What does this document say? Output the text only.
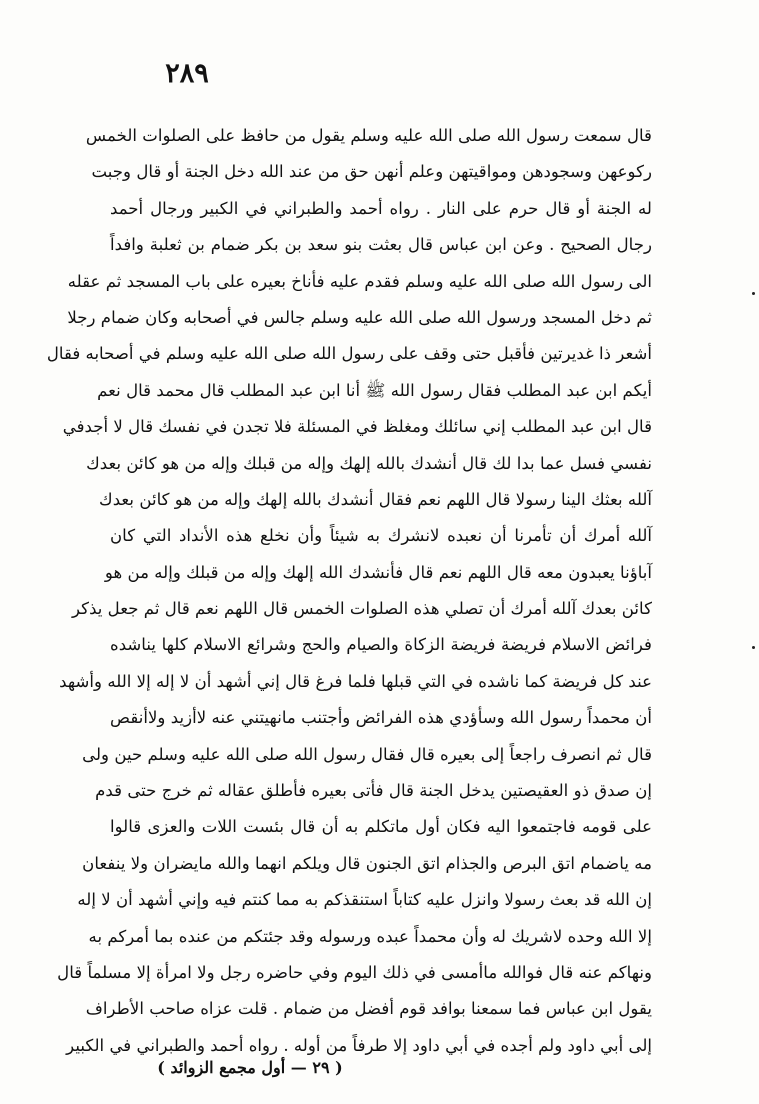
٢٨٩
قال سمعت رسول الله صلى الله عليه وسلم يقول من حافظ على الصلوات الخمس
ركوعهن وسجودهن ومواقيتهن وعلم أنهن حق من عند الله دخل الجنة أو قال وجبت
له الجنة أو قال حرم على النار . رواه أحمد والطبراني في الكبير ورجال أحمد
رجال الصحيح . وعن ابن عباس قال بعثت بنو سعد بن بكر ضمام بن ثعلبة وافداً
الى رسول الله صلى الله عليه وسلم فقدم عليه فأناخ بعيره على باب المسجد ثم عقله
ثم دخل المسجد ورسول الله صلى الله عليه وسلم جالس في أصحابه وكان ضمام رجلا
أشعر ذا غديرتين فأقبل حتى وقف على رسول الله صلى الله عليه وسلم في أصحابه فقال
أيكم ابن عبد المطلب فقال رسول الله ﷺ أنا ابن عبد المطلب قال محمد قال نعم
قال ابن عبد المطلب إني سائلك ومغلظ في المسئلة فلا تجدن في نفسك قال لا أجدفي
نفسي فسل عما بدا لك قال أنشدك بالله إلهك وإله من قبلك وإله من هو كائن بعدك
آلله بعثك الينا رسولا قال اللهم نعم فقال أنشدك بالله إلهك وإله من هو كائن بعدك
آلله أمرك أن تأمرنا أن نعبده لانشرك به شيئاً وأن نخلع هذه الأنداد التي كان
آباؤنا يعبدون معه قال اللهم نعم قال فأنشدك الله إلهك وإله من قبلك وإله من هو
كائن بعدك آلله أمرك أن تصلي هذه الصلوات الخمس قال اللهم نعم قال ثم جعل يذكر
فرائض الاسلام فريضة فريضة الزكاة والصيام والحج وشرائع الاسلام كلها يناشده
عند كل فريضة كما ناشده في التي قبلها فلما فرغ قال إني أشهد أن لا إله إلا الله وأشهد
أن محمداً رسول الله وسأؤدي هذه الفرائض وأجتنب مانهيتني عنه لاأزيد ولاأنقص
قال ثم انصرف راجعاً إلى بعيره قال فقال رسول الله صلى الله عليه وسلم حين ولى
إن صدق ذو العقيصتين يدخل الجنة قال فأتى بعيره فأطلق عقاله ثم خرج حتى قدم
على قومه فاجتمعوا اليه فكان أول ماتكلم به أن قال بئست اللات والعزى قالوا
مه ياضمام اتق البرص والجذام اتق الجنون قال ويلكم انهما والله مايضران ولا ينفعان
إن الله قد بعث رسولا وانزل عليه كتاباً استنقذكم به مما كنتم فيه وإني أشهد أن لا إله
إلا الله وحده لاشريك له وأن محمداً عبده ورسوله وقد جئتكم من عنده بما أمركم به
ونهاكم عنه قال فوالله ماأمسى في ذلك اليوم وفي حاضره رجل ولا امرأة إلا مسلماً قال
يقول ابن عباس فما سمعنا بوافد قوم أفضل من ضمام . قلت عزاه صاحب الأطراف
إلى أبي داود ولم أجده في أبي داود إلا طرفاً من أوله . رواه أحمد والطبراني في الكبير
( ٢٩ — أول مجمع الزوائد )
